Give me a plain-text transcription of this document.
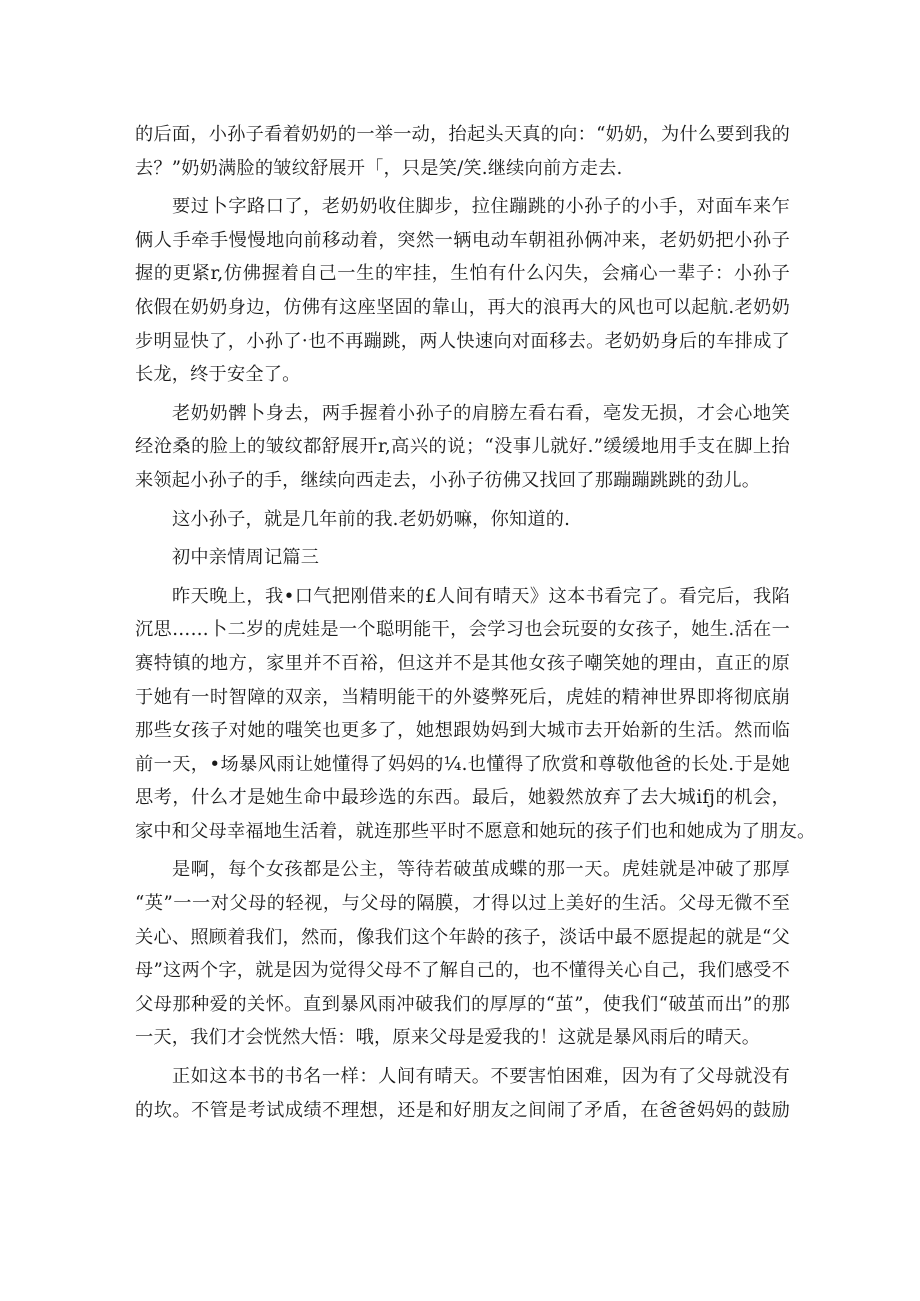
的后面，小孙子看着奶奶的一举一动，抬起头天真的向：“奶奶，为什么要到我的
去？”奶奶满脸的皱纹舒展开「，只是笑/笑.继续向前方走去.
要过卜字路口了，老奶奶收住脚步，拉住蹦跳的小孙子的小手，对面车来乍
俩人手牵手慢慢地向前移动着，突然一辆电动车朝祖孙俩冲来，老奶奶把小孙子
握的更紧r,仿佛握着自己一生的牢挂，生怕有什么闪失，会痛心一辈子：小孙子
依假在奶奶身边，仿佛有这座坚固的靠山，再大的浪再大的风也可以起航.老奶奶
步明显快了，小孙了·也不再蹦跳，两人快速向对面移去。老奶奶身后的车排成了
长龙，终于安全了。
老奶奶髀卜身去，两手握着小孙子的肩膀左看右看，亳发无损，才会心地笑
经沧桑的脸上的皱纹都舒展开r,高兴的说；“没事儿就好.”缓缓地用手支在脚上抬
来领起小孙子的手，继续向西走去，小孙子彷佛又找回了那蹦蹦跳跳的劲儿。
这小孙子，就是几年前的我.老奶奶嘛，你知道的.
初中亲情周记篇三
昨天晚上，我•口气把刚借来的£人间有晴天》这本书看完了。看完后，我陷
沉思……卜二岁的虎娃是一个聪明能干，会学习也会玩耍的女孩子，她生.活在一
赛特镇的地方，家里并不百裕，但这并不是其他女孩子嘲笑她的理由，直正的原
于她有一时智障的双亲，当精明能干的外婆弊死后，虎娃的精神世界即将彻底崩
那些女孩子对她的嗤笑也更多了，她想跟妫妈到大城市去开始新的生活。然而临
前一天，•场暴风雨让她懂得了妈妈的¼.也懂得了欣赏和尊敬他爸的长处.于是她
思考，什么才是她生命中最珍选的东西。最后，她毅然放弃了去大城ifj的机会，
家中和父母幸福地生活着，就连那些平时不愿意和她玩的孩子们也和她成为了朋友。
是啊，每个女孩都是公主，等待若破茧成蝶的那一天。虎娃就是冲破了那厚
“英”一一对父母的轻视，与父母的隔膜，才得以过上美好的生活。父母无微不至
关心、照顾着我们，然而，像我们这个年龄的孩子，淡话中最不愿提起的就是“父
母”这两个字，就是因为觉得父母不了解自己的，也不懂得关心自己，我们感受不
父母那种爱的关怀。直到暴风雨冲破我们的厚厚的“茧”，使我们“破茧而出”的那
一天，我们才会恍然大悟：哦，原来父母是爱我的！这就是暴风雨后的晴天。
正如这本书的书名一样：人间有晴天。不要害怕困难，因为有了父母就没有
的坎。不管是考试成绩不理想，还是和好朋友之间闹了矛盾，在爸爸妈妈的鼓励
